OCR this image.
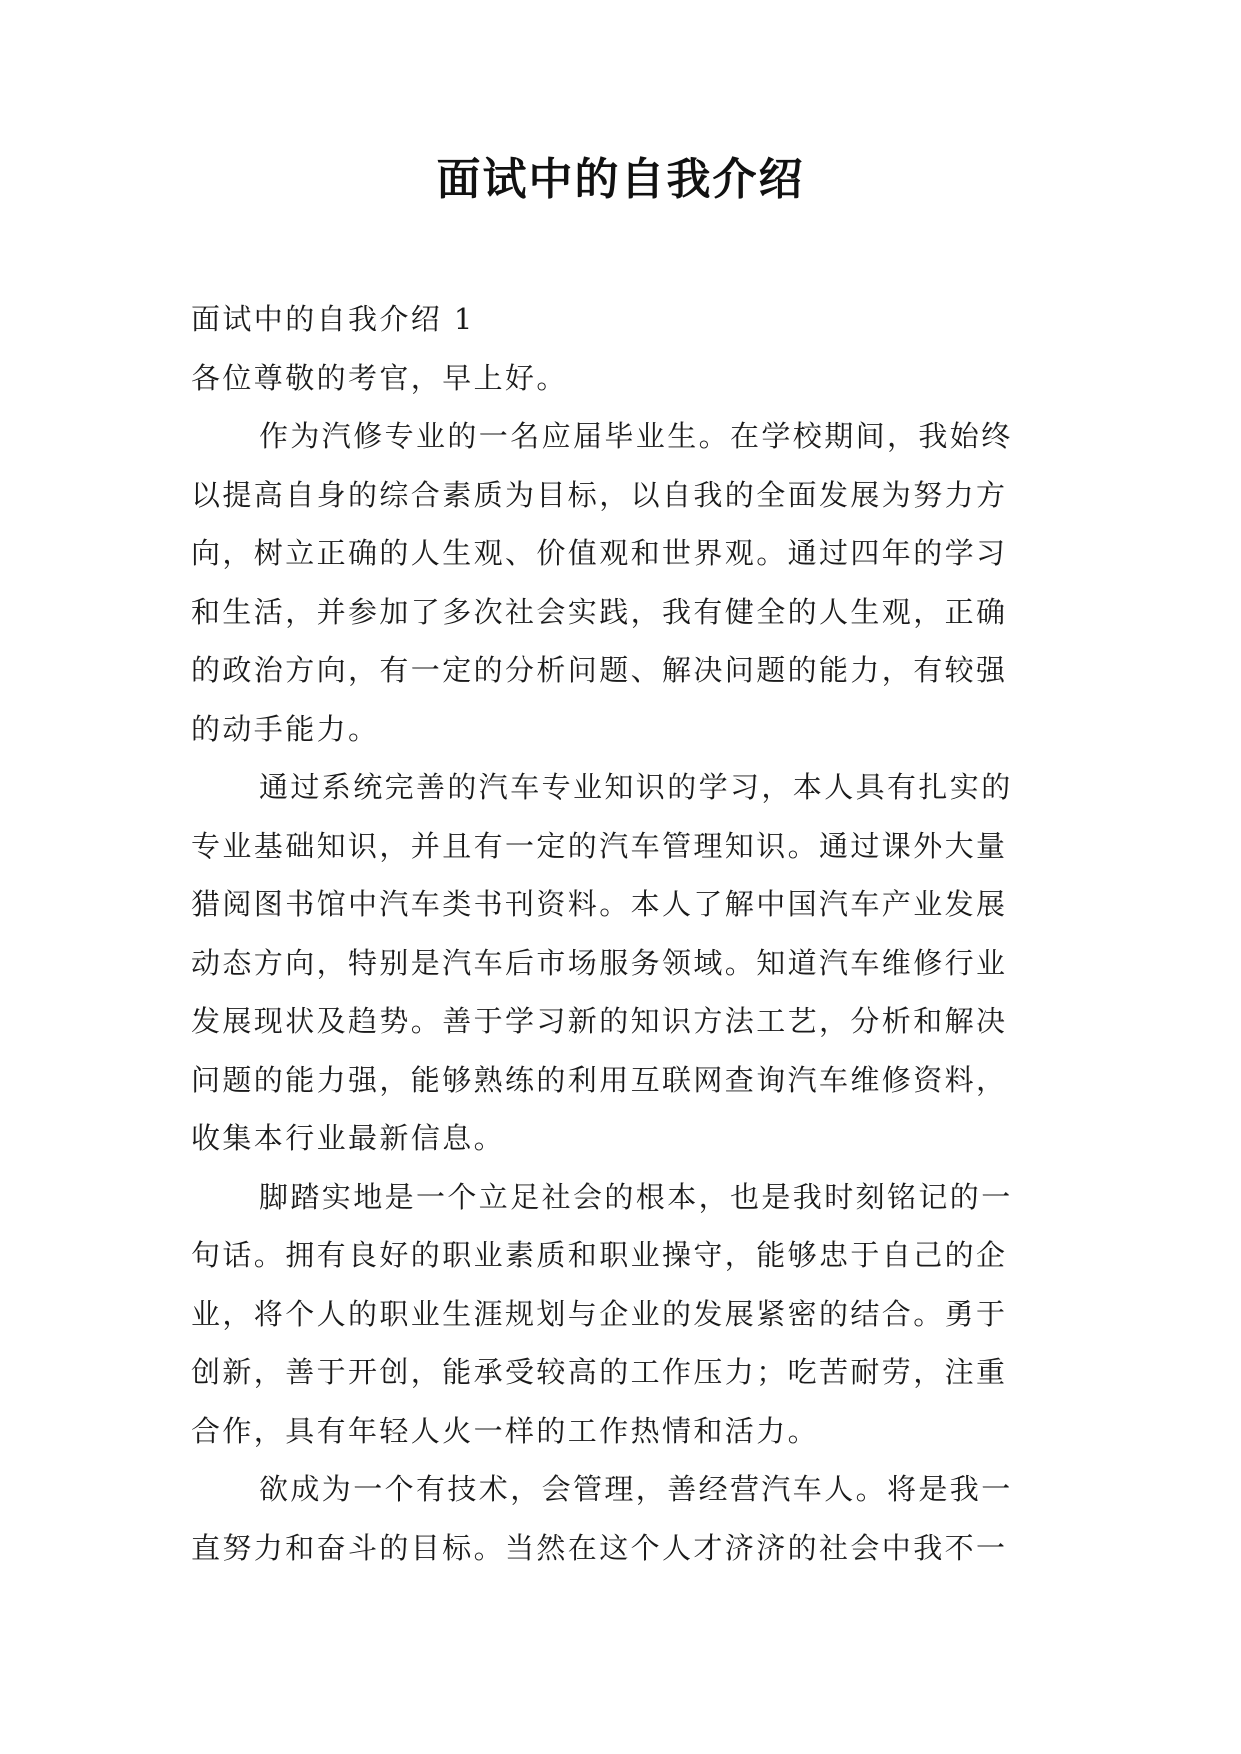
面试中的自我介绍
面试中的自我介绍 1
各位尊敬的考官，早上好。
作为汽修专业的一名应届毕业生。在学校期间，我始终
以提高自身的综合素质为目标，以自我的全面发展为努力方
向，树立正确的人生观、价值观和世界观。通过四年的学习
和生活，并参加了多次社会实践，我有健全的人生观，正确
的政治方向，有一定的分析问题、解决问题的能力，有较强
的动手能力。
通过系统完善的汽车专业知识的学习，本人具有扎实的
专业基础知识，并且有一定的汽车管理知识。通过课外大量
猎阅图书馆中汽车类书刊资料。本人了解中国汽车产业发展
动态方向，特别是汽车后市场服务领域。知道汽车维修行业
发展现状及趋势。善于学习新的知识方法工艺，分析和解决
问题的能力强，能够熟练的利用互联网查询汽车维修资料，
收集本行业最新信息。
脚踏实地是一个立足社会的根本，也是我时刻铭记的一
句话。拥有良好的职业素质和职业操守，能够忠于自己的企
业，将个人的职业生涯规划与企业的发展紧密的结合。勇于
创新，善于开创，能承受较高的工作压力；吃苦耐劳，注重
合作，具有年轻人火一样的工作热情和活力。
欲成为一个有技术，会管理，善经营汽车人。将是我一
直努力和奋斗的目标。当然在这个人才济济的社会中我不一
